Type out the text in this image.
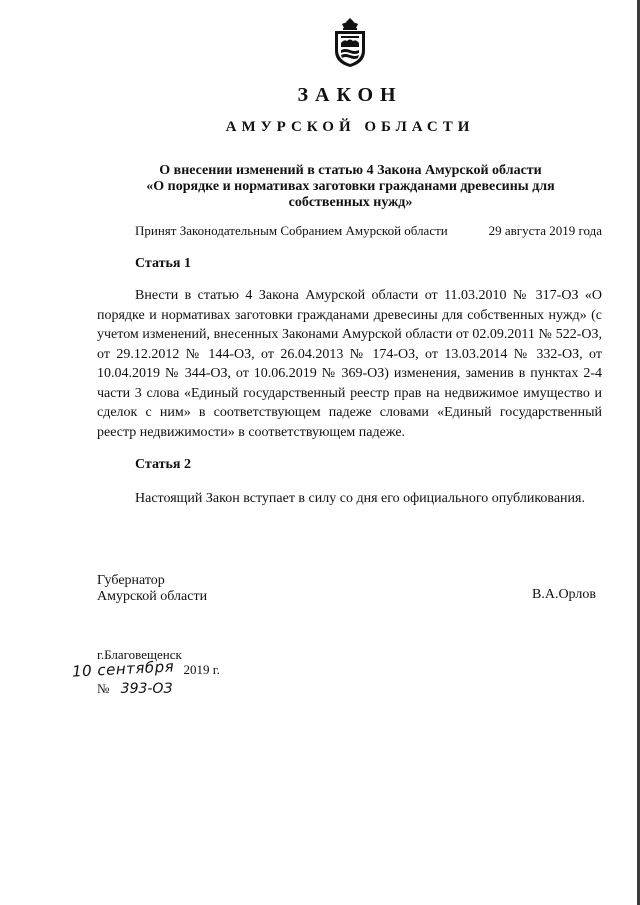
ЗАКОН
АМУРСКОЙ ОБЛАСТИ
О внесении изменений в статью 4 Закона Амурской области
«О порядке и нормативах заготовки гражданами древесины для
собственных нужд»
Принят Законодательным Собранием Амурской области	29 августа 2019 года
Статья 1
Внести в статью 4 Закона Амурской области от 11.03.2010 № 317-ОЗ «О порядке и нормативах заготовки гражданами древесины для собственных нужд» (с учетом изменений, внесенных Законами Амурской области от 02.09.2011 № 522-ОЗ, от 29.12.2012 № 144-ОЗ, от 26.04.2013 № 174-ОЗ, от 13.03.2014 № 332-ОЗ, от 10.04.2019 № 344-ОЗ, от 10.06.2019 № 369-ОЗ) изменения, заменив в пунктах 2-4 части 3 слова «Единый государственный реестр прав на недвижимое имущество и сделок с ним» в соответствующем падеже словами «Единый государственный реестр недвижимости» в соответствующем падеже.
Статья 2
Настоящий Закон вступает в силу со дня его официального опубликования.
Губернатор
Амурской области	В.А.Орлов
г.Благовещенск
10 сентября 2019 г.
№ 393-ОЗ
